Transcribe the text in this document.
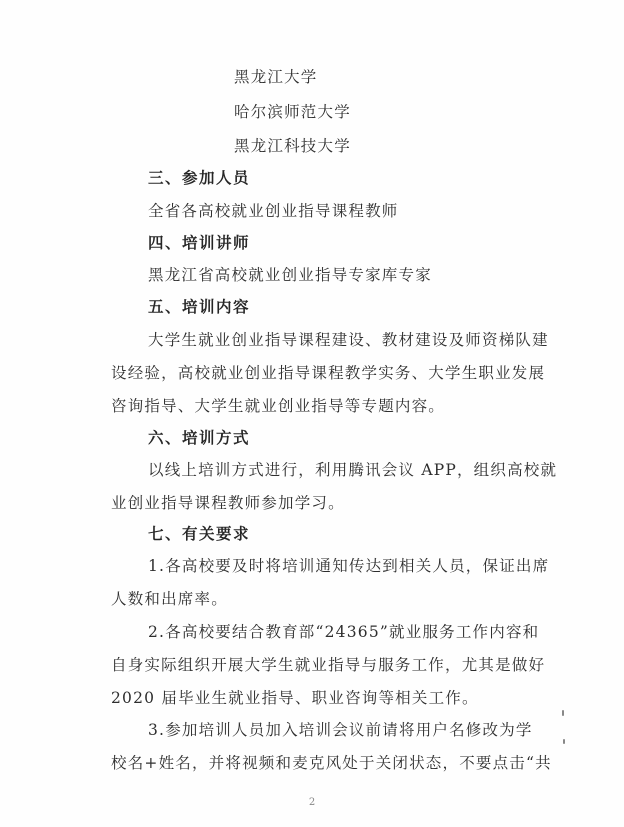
黑龙江大学
哈尔滨师范大学
黑龙江科技大学
三、参加人员
全省各高校就业创业指导课程教师
四、培训讲师
黑龙江省高校就业创业指导专家库专家
五、培训内容
大学生就业创业指导课程建设、教材建设及师资梯队建
设经验，高校就业创业指导课程教学实务、大学生职业发展
咨询指导、大学生就业创业指导等专题内容。
六、培训方式
以线上培训方式进行，利用腾讯会议 APP，组织高校就
业创业指导课程教师参加学习。
七、有关要求
1.各高校要及时将培训通知传达到相关人员，保证出席
人数和出席率。
2.各高校要结合教育部“24365”就业服务工作内容和
自身实际组织开展大学生就业指导与服务工作，尤其是做好
2020 届毕业生就业指导、职业咨询等相关工作。
3.参加培训人员加入培训会议前请将用户名修改为学
校名+姓名，并将视频和麦克风处于关闭状态，不要点击“共
2
